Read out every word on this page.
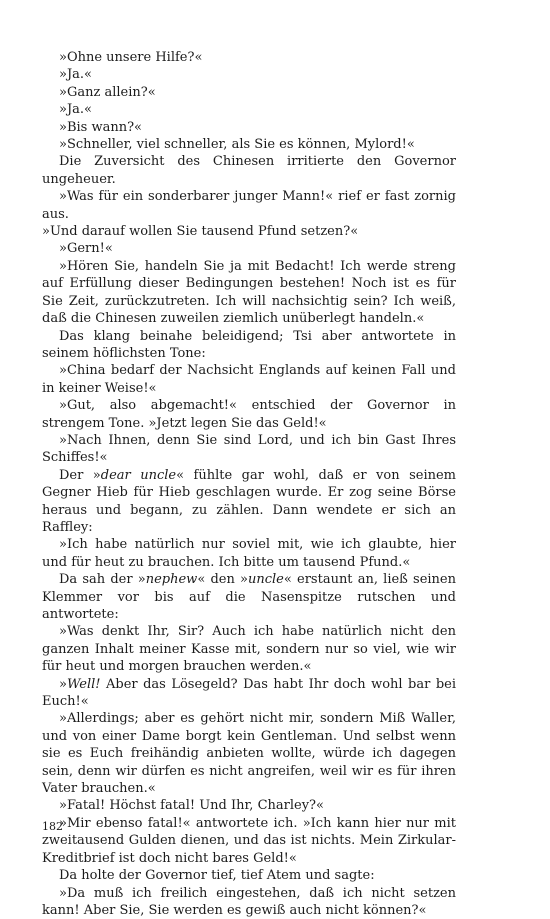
»Ohne unsere Hilfe?«

»Ja.«

»Ganz allein?«

»Ja.«

»Bis wann?«

»Schneller, viel schneller, als Sie es können, Mylord!«

Die Zuversicht des Chinesen irritierte den Governor ungeheuer.

»Was für ein sonderbarer junger Mann!« rief er fast zornig aus.

»Und darauf wollen Sie tausend Pfund setzen?«

»Gern!«

»Hören Sie, handeln Sie ja mit Bedacht! Ich werde streng auf Erfüllung dieser Bedingungen bestehen! Noch ist es für Sie Zeit, zurückzutreten. Ich will nachsichtig sein? Ich weiß, daß die Chinesen zuweilen ziemlich unüberlegt handeln.«

Das klang beinahe beleidigend; Tsi aber antwortete in seinem höflichsten Tone:

»China bedarf der Nachsicht Englands auf keinen Fall und in keiner Weise!«

»Gut, also abgemacht!« entschied der Governor in strengem Tone. »Jetzt legen Sie das Geld!«

»Nach Ihnen, denn Sie sind Lord, und ich bin Gast Ihres Schiffes!«

Der »dear uncle« fühlte gar wohl, daß er von seinem Gegner Hieb für Hieb geschlagen wurde. Er zog seine Börse heraus und begann, zu zählen. Dann wendete er sich an Raffley:

»Ich habe natürlich nur soviel mit, wie ich glaubte, hier und für heut zu brauchen. Ich bitte um tausend Pfund.«

Da sah der »nephew« den »uncle« erstaunt an, ließ seinen Klemmer vor bis auf die Nasenspitze rutschen und antwortete:

»Was denkt Ihr, Sir? Auch ich habe natürlich nicht den ganzen Inhalt meiner Kasse mit, sondern nur so viel, wie wir für heut und morgen brauchen werden.«

»Well! Aber das Lösegeld? Das habt Ihr doch wohl bar bei Euch!«

»Allerdings; aber es gehört nicht mir, sondern Miß Waller, und von einer Dame borgt kein Gentleman. Und selbst wenn sie es Euch freihändig anbieten wollte, würde ich dagegen sein, denn wir dürfen es nicht angreifen, weil wir es für ihren Vater brauchen.«

»Fatal! Höchst fatal! Und Ihr, Charley?«

»Mir ebenso fatal!« antwortete ich. »Ich kann hier nur mit zweitausend Gulden dienen, und das ist nichts. Mein Zirkular-Kreditbrief ist doch nicht bares Geld!«

Da holte der Governor tief, tief Atem und sagte:

»Da muß ich freilich eingestehen, daß ich nicht setzen kann! Aber Sie, Sie werden es gewiß auch nicht können?«

182
